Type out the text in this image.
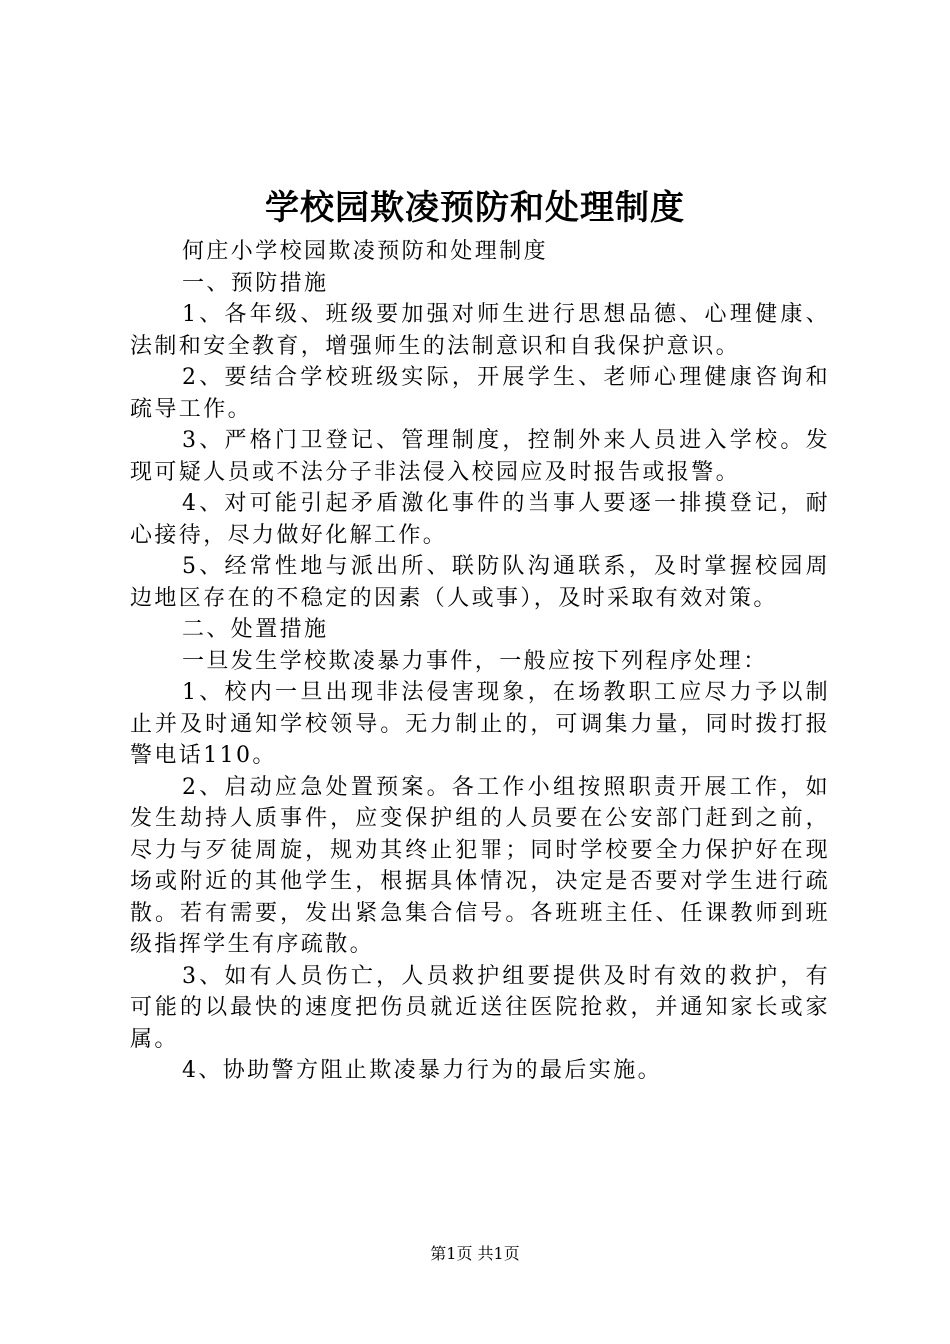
学校园欺凌预防和处理制度

何庄小学校园欺凌预防和处理制度

一、预防措施

1、各年级、班级要加强对师生进行思想品德、心理健康、法制和安全教育，增强师生的法制意识和自我保护意识。

2、要结合学校班级实际，开展学生、老师心理健康咨询和疏导工作。

3、严格门卫登记、管理制度，控制外来人员进入学校。发现可疑人员或不法分子非法侵入校园应及时报告或报警。

4、对可能引起矛盾激化事件的当事人要逐一排摸登记，耐心接待，尽力做好化解工作。

5、经常性地与派出所、联防队沟通联系，及时掌握校园周边地区存在的不稳定的因素（人或事），及时采取有效对策。

二、处置措施

一旦发生学校欺凌暴力事件，一般应按下列程序处理：

1、校内一旦出现非法侵害现象，在场教职工应尽力予以制止并及时通知学校领导。无力制止的，可调集力量，同时拨打报警电话110。

2、启动应急处置预案。各工作小组按照职责开展工作，如发生劫持人质事件，应变保护组的人员要在公安部门赶到之前，尽力与歹徒周旋，规劝其终止犯罪；同时学校要全力保护好在现场或附近的其他学生，根据具体情况，决定是否要对学生进行疏散。若有需要，发出紧急集合信号。各班班主任、任课教师到班级指挥学生有序疏散。

3、如有人员伤亡，人员救护组要提供及时有效的救护，有可能的以最快的速度把伤员就近送往医院抢救，并通知家长或家属。

4、协助警方阻止欺凌暴力行为的最后实施。

第1页 共1页
